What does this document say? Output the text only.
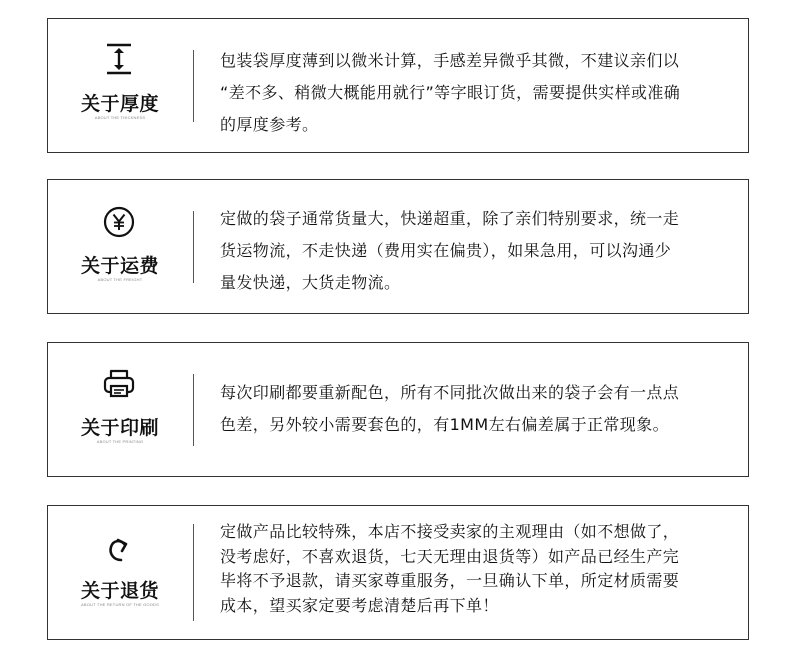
关于厚度
ABOUT THE THICKNESS
包装袋厚度薄到以微米计算，手感差异微乎其微，不建议亲们以
“差不多、稍微大概能用就行”等字眼订货，需要提供实样或准确
的厚度参考。
关于运费
ABOUT THE FREIGHT
定做的袋子通常货量大，快递超重，除了亲们特别要求，统一走
货运物流，不走快递（费用实在偏贵），如果急用，可以沟通少
量发快递，大货走物流。
关于印刷
ABOUT THE PRINTING
每次印刷都要重新配色，所有不同批次做出来的袋子会有一点点
色差，另外较小需要套色的，有1MM左右偏差属于正常现象。
关于退货
ABOUT THE RETURN OF THE GOODS
定做产品比较特殊，本店不接受卖家的主观理由（如不想做了，
没考虑好，不喜欢退货，七天无理由退货等）如产品已经生产完
毕将不予退款，请买家尊重服务，一旦确认下单，所定材质需要
成本，望买家定要考虑清楚后再下单！
